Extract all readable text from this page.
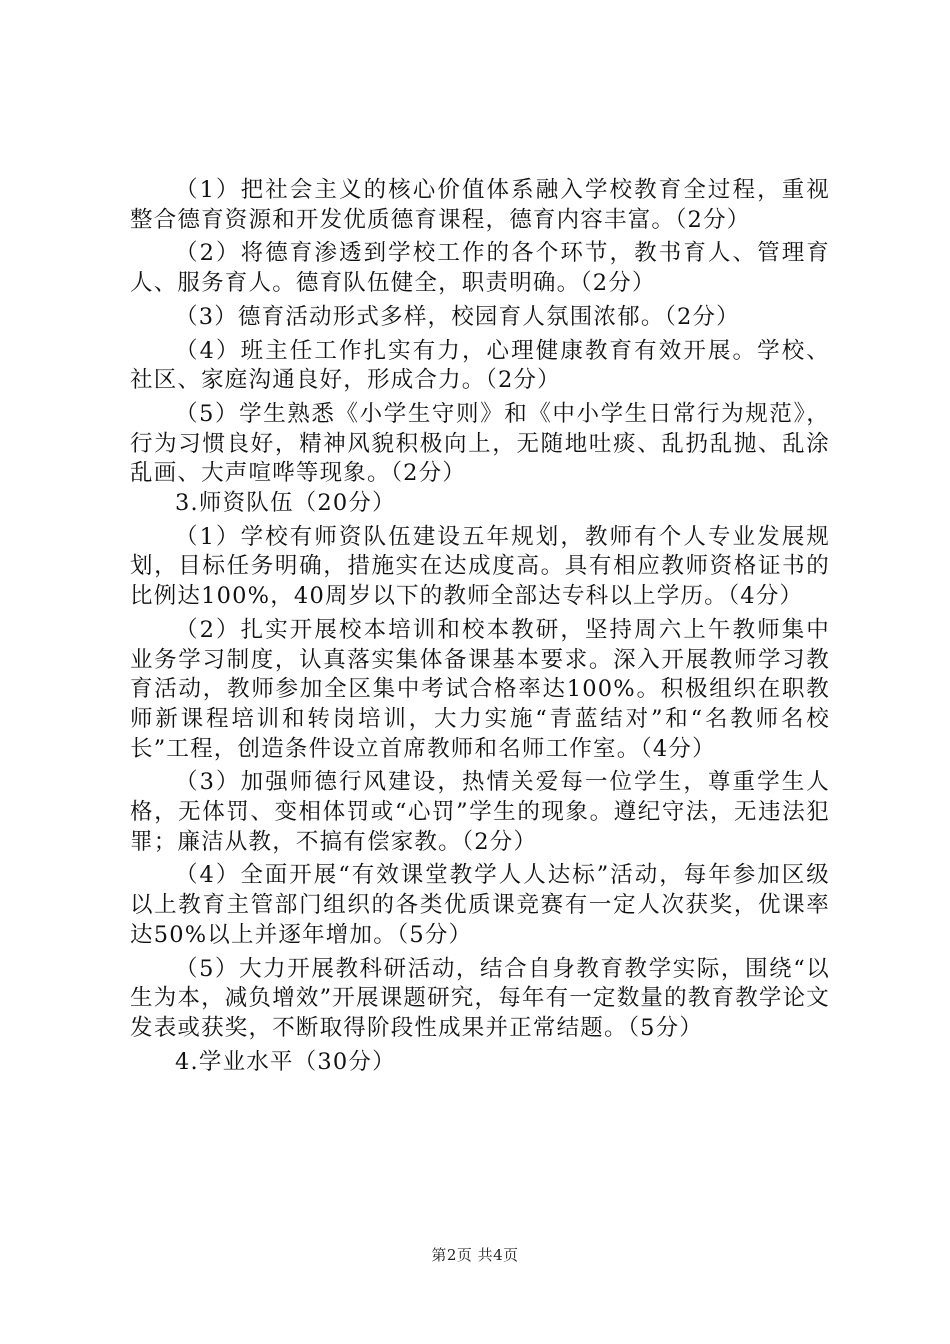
（1）把社会主义的核心价值体系融入学校教育全过程，重视整合德育资源和开发优质德育课程，德育内容丰富。（2分）

（2）将德育渗透到学校工作的各个环节，教书育人、管理育人、服务育人。德育队伍健全，职责明确。（2分）

（3）德育活动形式多样，校园育人氛围浓郁。（2分）

（4）班主任工作扎实有力，心理健康教育有效开展。学校、社区、家庭沟通良好，形成合力。（2分）

（5）学生熟悉《小学生守则》和《中小学生日常行为规范》，行为习惯良好，精神风貌积极向上，无随地吐痰、乱扔乱抛、乱涂乱画、大声喧哗等现象。（2分）

3.师资队伍（20分）

（1）学校有师资队伍建设五年规划，教师有个人专业发展规划，目标任务明确，措施实在达成度高。具有相应教师资格证书的比例达100%，40周岁以下的教师全部达专科以上学历。（4分）

（2）扎实开展校本培训和校本教研，坚持周六上午教师集中业务学习制度，认真落实集体备课基本要求。深入开展教师学习教育活动，教师参加全区集中考试合格率达100%。积极组织在职教师新课程培训和转岗培训，大力实施“青蓝结对”和“名教师名校长”工程，创造条件设立首席教师和名师工作室。（4分）

（3）加强师德行风建设，热情关爱每一位学生，尊重学生人格，无体罚、变相体罚或“心罚”学生的现象。遵纪守法，无违法犯罪；廉洁从教，不搞有偿家教。（2分）

（4）全面开展“有效课堂教学人人达标”活动，每年参加区级以上教育主管部门组织的各类优质课竞赛有一定人次获奖，优课率达50%以上并逐年增加。（5分）

（5）大力开展教科研活动，结合自身教育教学实际，围绕“以生为本，减负增效”开展课题研究，每年有一定数量的教育教学论文发表或获奖，不断取得阶段性成果并正常结题。（5分）

4.学业水平（30分）

第2页 共4页
